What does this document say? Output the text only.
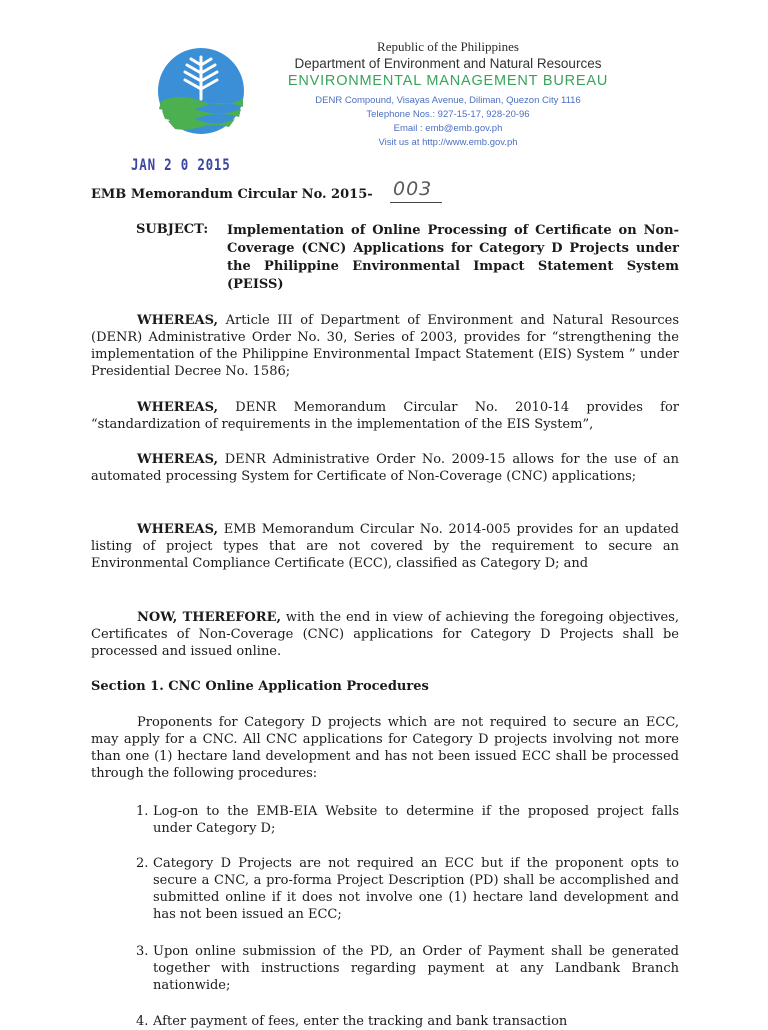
Republic of the Philippines
Department of Environment and Natural Resources
ENVIRONMENTAL MANAGEMENT BUREAU
DENR Compound, Visayas Avenue, Diliman, Quezon City 1116
Telephone Nos.: 927-15-17, 928-20-96
Email : emb@emb.gov.ph
Visit us at http://www.emb.gov.ph
JAN 2 0 2015
EMB Memorandum Circular No. 2015- 003
SUBJECT: Implementation of Online Processing of Certificate on Non-Coverage (CNC) Applications for Category D Projects under the Philippine Environmental Impact Statement System (PEISS)
WHEREAS, Article III of Department of Environment and Natural Resources (DENR) Administrative Order No. 30, Series of 2003, provides for “strengthening the implementation of the Philippine Environmental Impact Statement (EIS) System ” under Presidential Decree No. 1586;
WHEREAS, DENR Memorandum Circular No. 2010-14 provides for “standardization of requirements in the implementation of the EIS System”,
WHEREAS, DENR Administrative Order No. 2009-15 allows for the use of an automated processing System for Certificate of Non-Coverage (CNC) applications;
WHEREAS, EMB Memorandum Circular No. 2014-005 provides for an updated listing of project types that are not covered by the requirement to secure an Environmental Compliance Certificate (ECC), classified as Category D; and
NOW, THEREFORE, with the end in view of achieving the foregoing objectives, Certificates of Non-Coverage (CNC) applications for Category D Projects shall be processed and issued online.
Section 1. CNC Online Application Procedures
Proponents for Category D projects which are not required to secure an ECC, may apply for a CNC. All CNC applications for Category D projects involving not more than one (1) hectare land development and has not been issued ECC shall be processed through the following procedures:
1. Log-on to the EMB-EIA Website to determine if the proposed project falls under Category D;
2. Category D Projects are not required an ECC but if the proponent opts to secure a CNC, a pro-forma Project Description (PD) shall be accomplished and submitted online if it does not involve one (1) hectare land development and has not been issued an ECC;
3. Upon online submission of the PD, an Order of Payment shall be generated together with instructions regarding payment at any Landbank Branch nationwide;
4. After payment of fees, enter the tracking and bank transaction
